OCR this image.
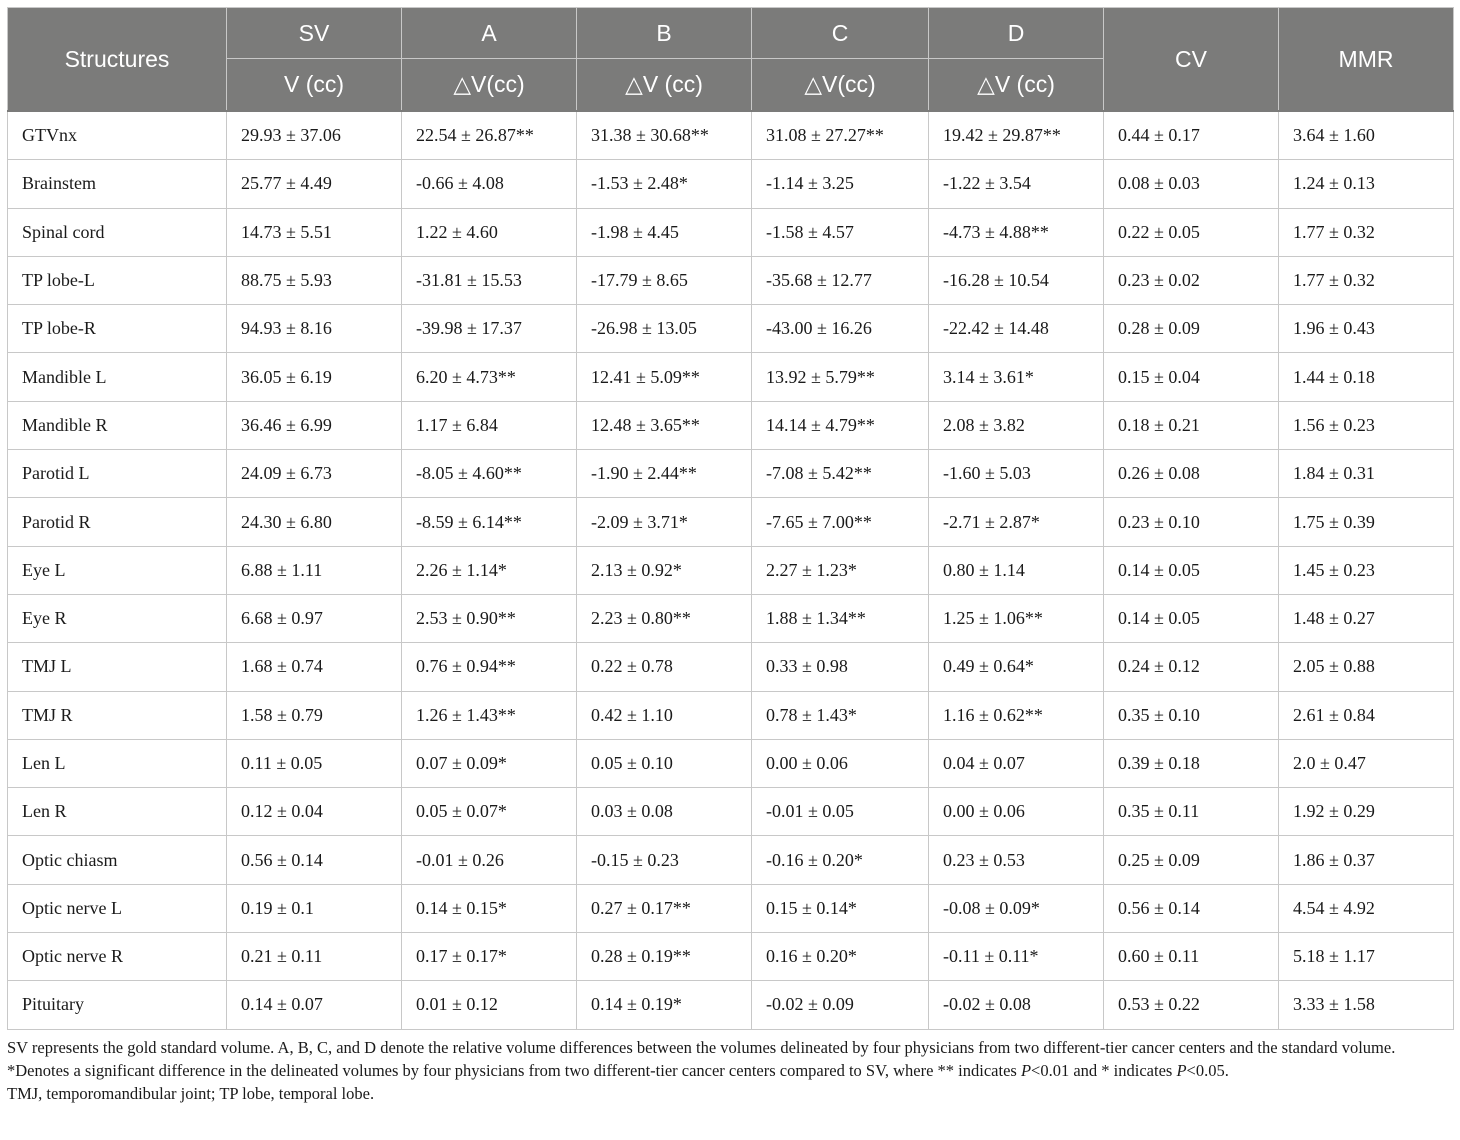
Structures	SV	A	B	C	D	CV	MMR
	V (cc)	△V(cc)	△V (cc)	△V(cc)	△V (cc)		
GTVnx	29.93 ± 37.06	22.54 ± 26.87**	31.38 ± 30.68**	31.08 ± 27.27**	19.42 ± 29.87**	0.44 ± 0.17	3.64 ± 1.60
Brainstem	25.77 ± 4.49	-0.66 ± 4.08	-1.53 ± 2.48*	-1.14 ± 3.25	-1.22 ± 3.54	0.08 ± 0.03	1.24 ± 0.13
Spinal cord	14.73 ± 5.51	1.22 ± 4.60	-1.98 ± 4.45	-1.58 ± 4.57	-4.73 ± 4.88**	0.22 ± 0.05	1.77 ± 0.32
TP lobe-L	88.75 ± 5.93	-31.81 ± 15.53	-17.79 ± 8.65	-35.68 ± 12.77	-16.28 ± 10.54	0.23 ± 0.02	1.77 ± 0.32
TP lobe-R	94.93 ± 8.16	-39.98 ± 17.37	-26.98 ± 13.05	-43.00 ± 16.26	-22.42 ± 14.48	0.28 ± 0.09	1.96 ± 0.43
Mandible L	36.05 ± 6.19	6.20 ± 4.73**	12.41 ± 5.09**	13.92 ± 5.79**	3.14 ± 3.61*	0.15 ± 0.04	1.44 ± 0.18
Mandible R	36.46 ± 6.99	1.17 ± 6.84	12.48 ± 3.65**	14.14 ± 4.79**	2.08 ± 3.82	0.18 ± 0.21	1.56 ± 0.23
Parotid L	24.09 ± 6.73	-8.05 ± 4.60**	-1.90 ± 2.44**	-7.08 ± 5.42**	-1.60 ± 5.03	0.26 ± 0.08	1.84 ± 0.31
Parotid R	24.30 ± 6.80	-8.59 ± 6.14**	-2.09 ± 3.71*	-7.65 ± 7.00**	-2.71 ± 2.87*	0.23 ± 0.10	1.75 ± 0.39
Eye L	6.88 ± 1.11	2.26 ± 1.14*	2.13 ± 0.92*	2.27 ± 1.23*	0.80 ± 1.14	0.14 ± 0.05	1.45 ± 0.23
Eye R	6.68 ± 0.97	2.53 ± 0.90**	2.23 ± 0.80**	1.88 ± 1.34**	1.25 ± 1.06**	0.14 ± 0.05	1.48 ± 0.27
TMJ L	1.68 ± 0.74	0.76 ± 0.94**	0.22 ± 0.78	0.33 ± 0.98	0.49 ± 0.64*	0.24 ± 0.12	2.05 ± 0.88
TMJ R	1.58 ± 0.79	1.26 ± 1.43**	0.42 ± 1.10	0.78 ± 1.43*	1.16 ± 0.62**	0.35 ± 0.10	2.61 ± 0.84
Len L	0.11 ± 0.05	0.07 ± 0.09*	0.05 ± 0.10	0.00 ± 0.06	0.04 ± 0.07	0.39 ± 0.18	2.0 ± 0.47
Len R	0.12 ± 0.04	0.05 ± 0.07*	0.03 ± 0.08	-0.01 ± 0.05	0.00 ± 0.06	0.35 ± 0.11	1.92 ± 0.29
Optic chiasm	0.56 ± 0.14	-0.01 ± 0.26	-0.15 ± 0.23	-0.16 ± 0.20*	0.23 ± 0.53	0.25 ± 0.09	1.86 ± 0.37
Optic nerve L	0.19 ± 0.1	0.14 ± 0.15*	0.27 ± 0.17**	0.15 ± 0.14*	-0.08 ± 0.09*	0.56 ± 0.14	4.54 ± 4.92
Optic nerve R	0.21 ± 0.11	0.17 ± 0.17*	0.28 ± 0.19**	0.16 ± 0.20*	-0.11 ± 0.11*	0.60 ± 0.11	5.18 ± 1.17
Pituitary	0.14 ± 0.07	0.01 ± 0.12	0.14 ± 0.19*	-0.02 ± 0.09	-0.02 ± 0.08	0.53 ± 0.22	3.33 ± 1.58

SV represents the gold standard volume. A, B, C, and D denote the relative volume differences between the volumes delineated by four physicians from two different-tier cancer centers and the standard volume.

*Denotes a significant difference in the delineated volumes by four physicians from two different-tier cancer centers compared to SV, where ** indicates P<0.01 and * indicates P<0.05.

TMJ, temporomandibular joint; TP lobe, temporal lobe.
